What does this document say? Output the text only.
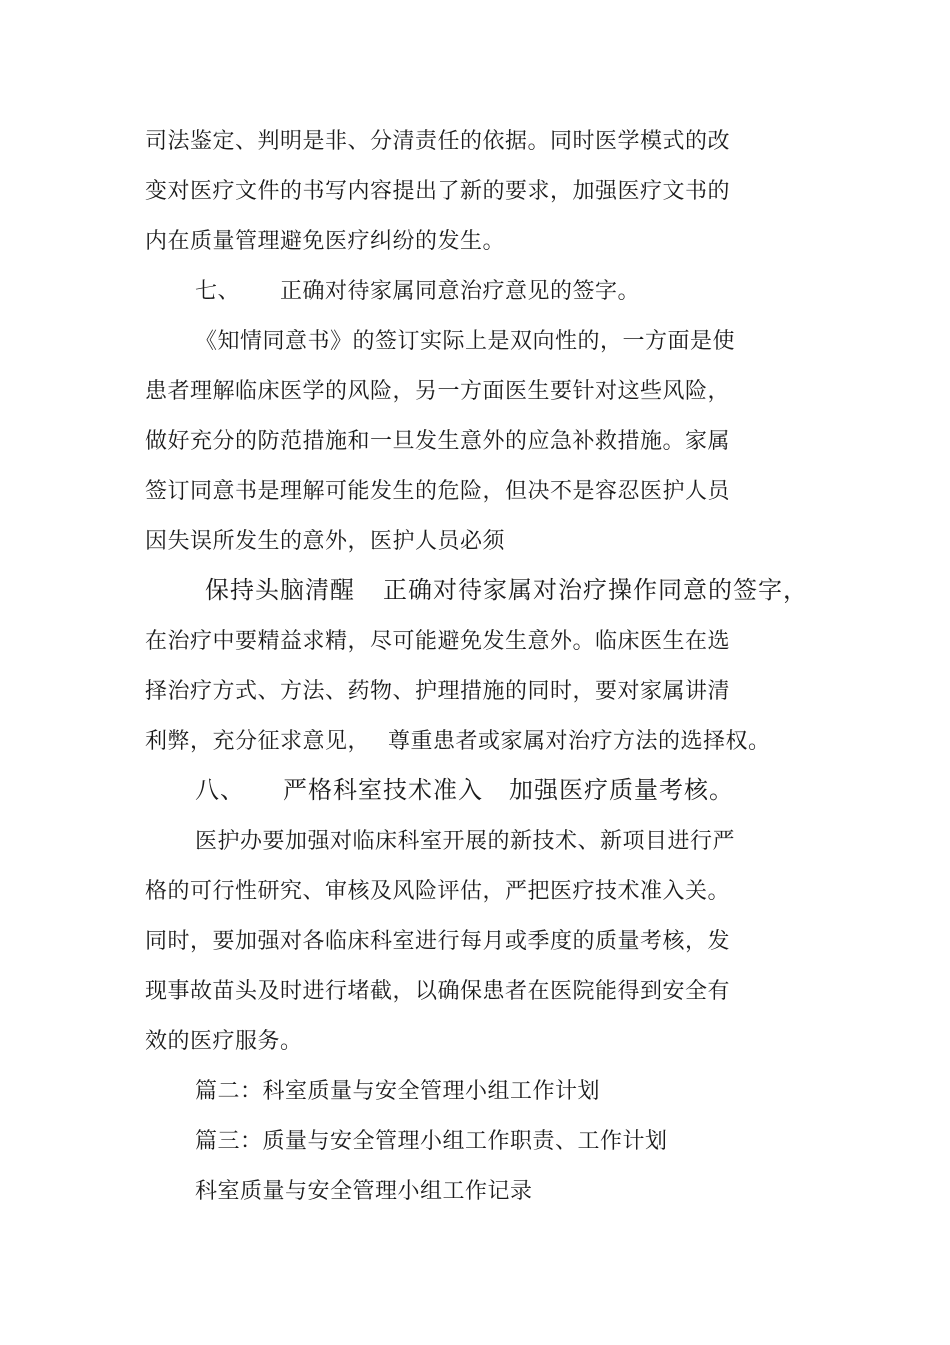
司法鉴定、判明是非、分清责任的依据。同时医学模式的改
变对医疗文件的书写内容提出了新的要求，加强医疗文书的
内在质量管理避免医疗纠纷的发生。
七、 正确对待家属同意治疗意见的签字。
《知情同意书》的签订实际上是双向性的，一方面是使
患者理解临床医学的风险，另一方面医生要针对这些风险，
做好充分的防范措施和一旦发生意外的应急补救措施。家属
签订同意书是理解可能发生的危险，但决不是容忍医护人员
因失误所发生的意外，医护人员必须
保持头脑清醒 正确对待家属对治疗操作同意的签字，
在治疗中要精益求精，尽可能避免发生意外。临床医生在选
择治疗方式、方法、药物、护理措施的同时，要对家属讲清
利弊，充分征求意见， 尊重患者或家属对治疗方法的选择权。
八、 严格科室技术准入 加强医疗质量考核。
医护办要加强对临床科室开展的新技术、新项目进行严
格的可行性研究、审核及风险评估，严把医疗技术准入关。
同时，要加强对各临床科室进行每月或季度的质量考核，发
现事故苗头及时进行堵截，以确保患者在医院能得到安全有
效的医疗服务。
篇二：科室质量与安全管理小组工作计划
篇三：质量与安全管理小组工作职责、工作计划
科室质量与安全管理小组工作记录
